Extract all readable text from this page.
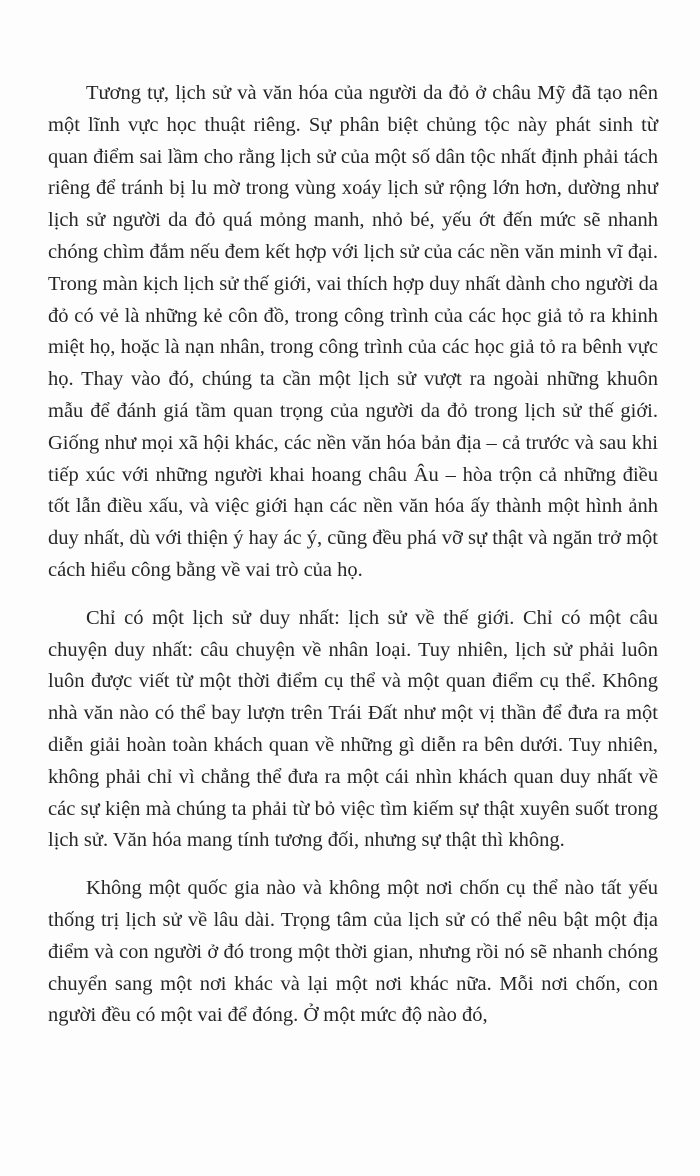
Tương tự, lịch sử và văn hóa của người da đỏ ở châu Mỹ đã tạo nên một lĩnh vực học thuật riêng. Sự phân biệt chủng tộc này phát sinh từ quan điểm sai lầm cho rằng lịch sử của một số dân tộc nhất định phải tách riêng để tránh bị lu mờ trong vùng xoáy lịch sử rộng lớn hơn, dường như lịch sử người da đỏ quá mỏng manh, nhỏ bé, yếu ớt đến mức sẽ nhanh chóng chìm đắm nếu đem kết hợp với lịch sử của các nền văn minh vĩ đại. Trong màn kịch lịch sử thế giới, vai thích hợp duy nhất dành cho người da đỏ có vẻ là những kẻ côn đồ, trong công trình của các học giả tỏ ra khinh miệt họ, hoặc là nạn nhân, trong công trình của các học giả tỏ ra bênh vực họ. Thay vào đó, chúng ta cần một lịch sử vượt ra ngoài những khuôn mẫu để đánh giá tầm quan trọng của người da đỏ trong lịch sử thế giới. Giống như mọi xã hội khác, các nền văn hóa bản địa – cả trước và sau khi tiếp xúc với những người khai hoang châu Âu – hòa trộn cả những điều tốt lẫn điều xấu, và việc giới hạn các nền văn hóa ấy thành một hình ảnh duy nhất, dù với thiện ý hay ác ý, cũng đều phá vỡ sự thật và ngăn trở một cách hiểu công bằng về vai trò của họ.

Chỉ có một lịch sử duy nhất: lịch sử về thế giới. Chỉ có một câu chuyện duy nhất: câu chuyện về nhân loại. Tuy nhiên, lịch sử phải luôn luôn được viết từ một thời điểm cụ thể và một quan điểm cụ thể. Không nhà văn nào có thể bay lượn trên Trái Đất như một vị thần để đưa ra một diễn giải hoàn toàn khách quan về những gì diễn ra bên dưới. Tuy nhiên, không phải chỉ vì chẳng thể đưa ra một cái nhìn khách quan duy nhất về các sự kiện mà chúng ta phải từ bỏ việc tìm kiếm sự thật xuyên suốt trong lịch sử. Văn hóa mang tính tương đối, nhưng sự thật thì không.

Không một quốc gia nào và không một nơi chốn cụ thể nào tất yếu thống trị lịch sử về lâu dài. Trọng tâm của lịch sử có thể nêu bật một địa điểm và con người ở đó trong một thời gian, nhưng rồi nó sẽ nhanh chóng chuyển sang một nơi khác và lại một nơi khác nữa. Mỗi nơi chốn, con người đều có một vai để đóng. Ở một mức độ nào đó,
